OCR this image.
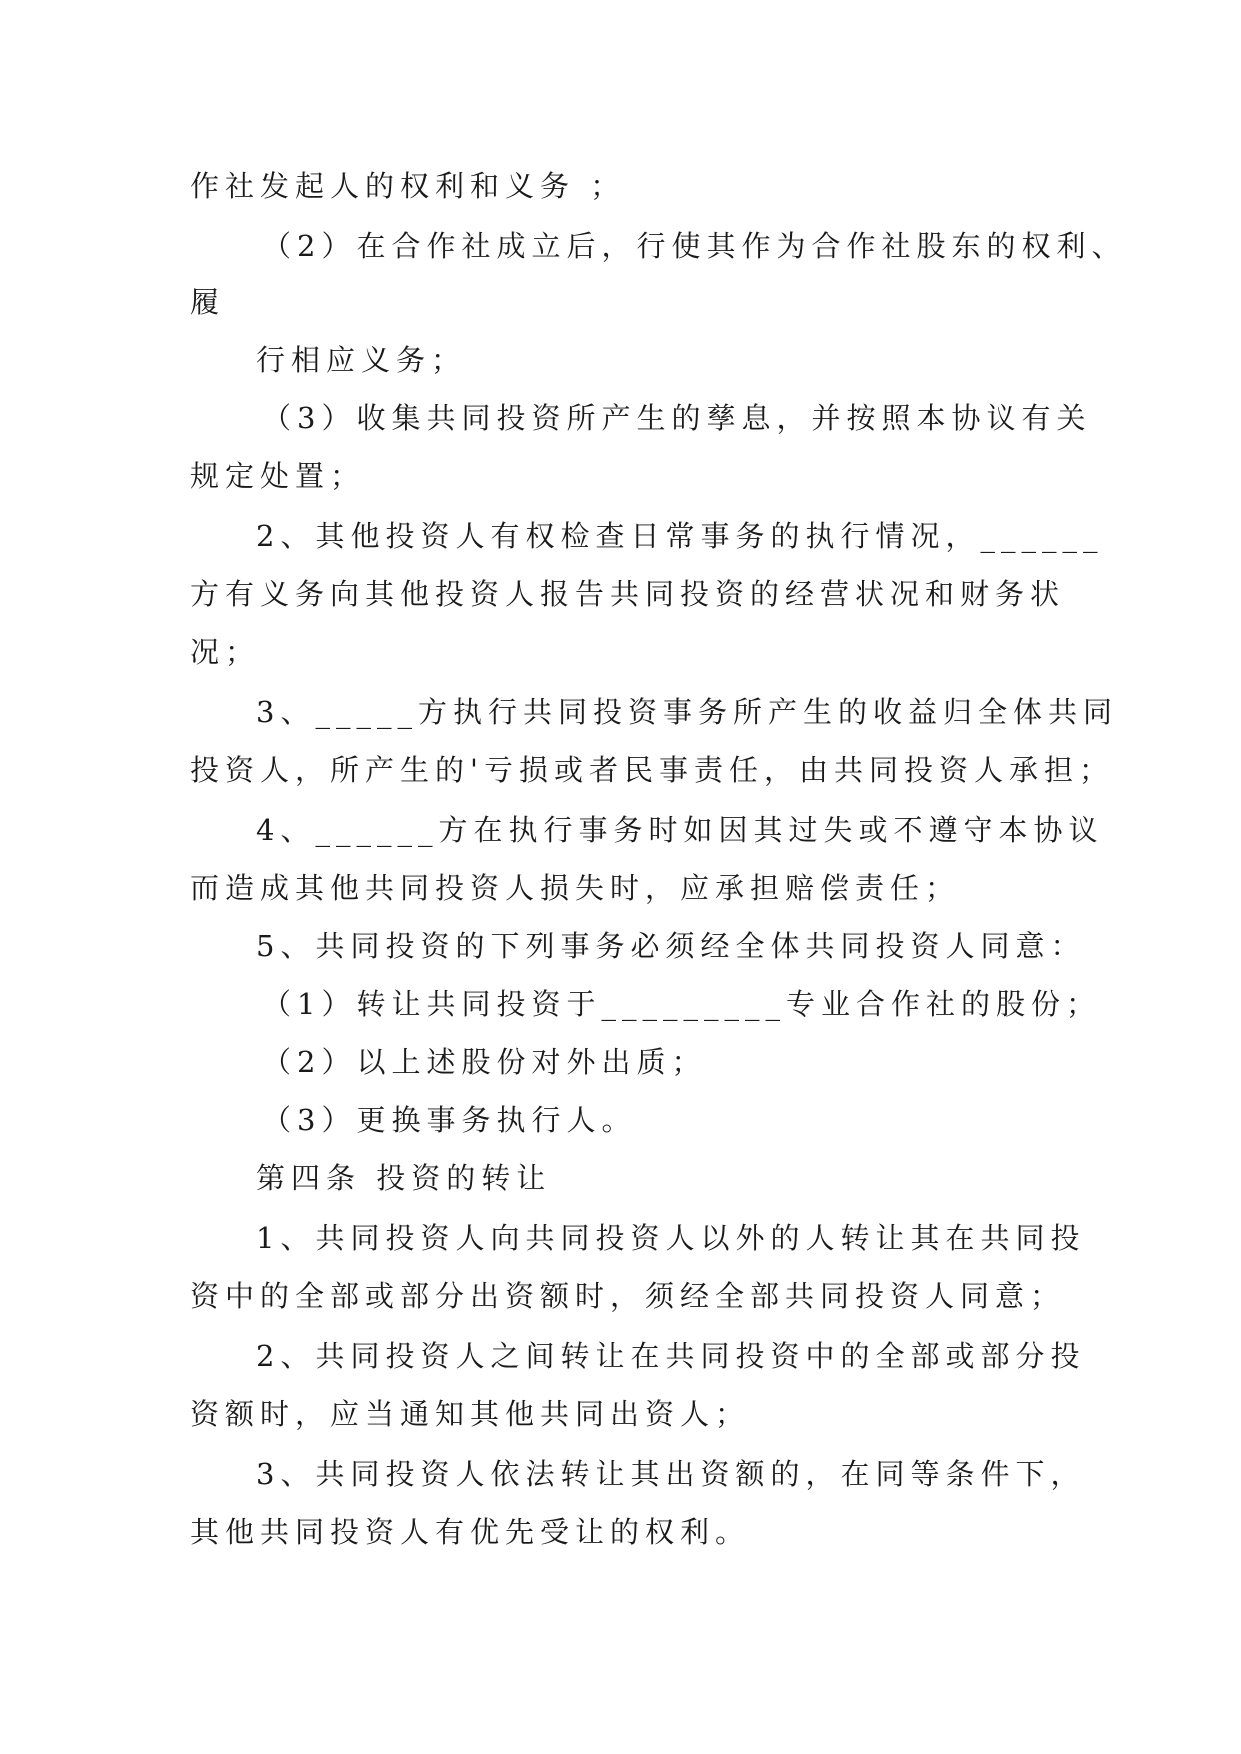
作社发起人的权利和义务 ；
（2）在合作社成立后，行使其作为合作社股东的权利、
履
行相应义务；
（3）收集共同投资所产生的孳息，并按照本协议有关
规定处置；
2、其他投资人有权检查日常事务的执行情况，______
方有义务向其他投资人报告共同投资的经营状况和财务状
况；
3、_____方执行共同投资事务所产生的收益归全体共同
投资人，所产生的'亏损或者民事责任，由共同投资人承担；
4、______方在执行事务时如因其过失或不遵守本协议
而造成其他共同投资人损失时，应承担赔偿责任；
5、共同投资的下列事务必须经全体共同投资人同意：
（1）转让共同投资于_________专业合作社的股份；
（2）以上述股份对外出质；
（3）更换事务执行人。
第四条 投资的转让
1、共同投资人向共同投资人以外的人转让其在共同投
资中的全部或部分出资额时，须经全部共同投资人同意；
2、共同投资人之间转让在共同投资中的全部或部分投
资额时，应当通知其他共同出资人；
3、共同投资人依法转让其出资额的，在同等条件下，
其他共同投资人有优先受让的权利。
